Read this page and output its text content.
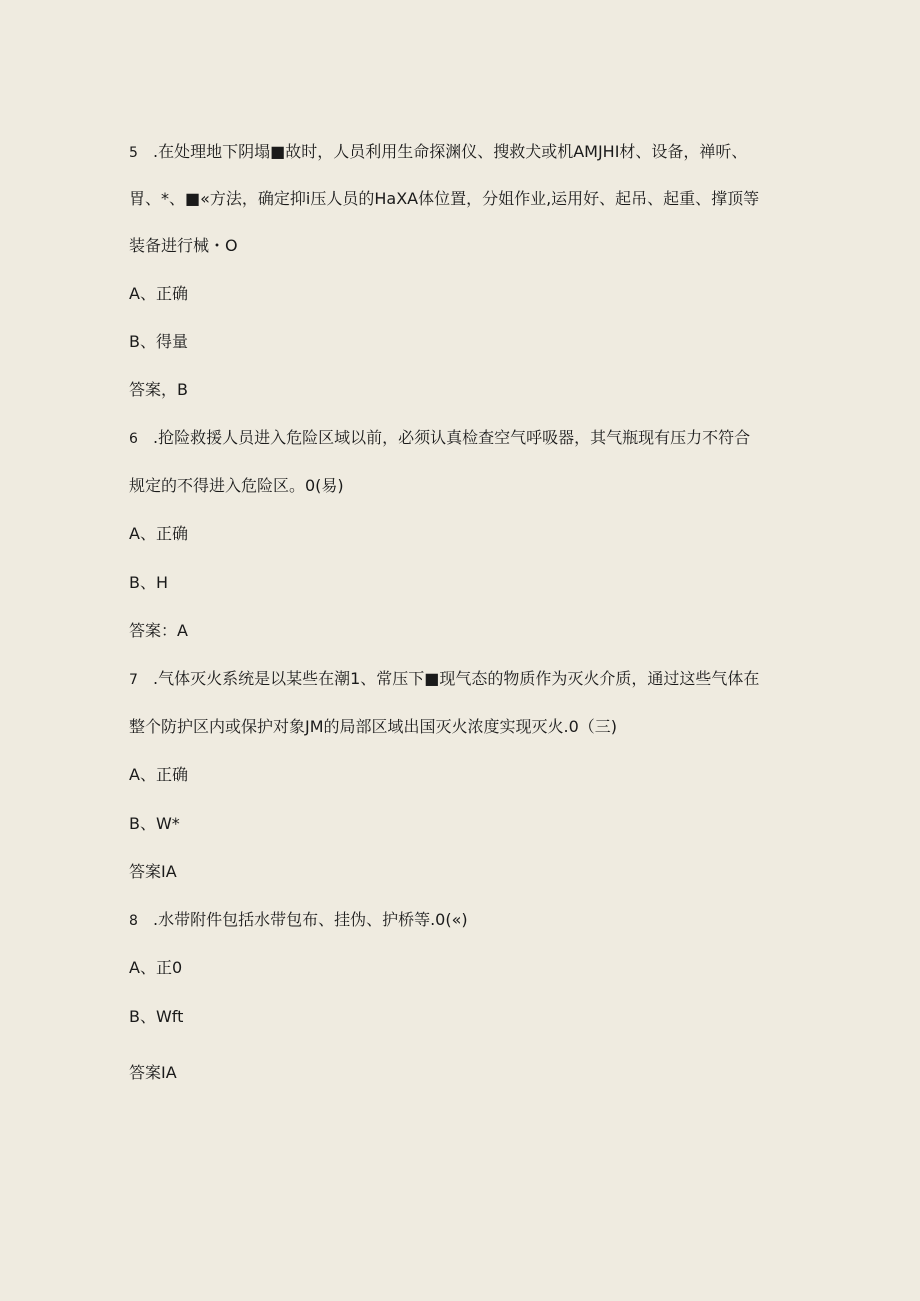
5 .在处理地下阴塌■故时，人员利用生命探渊仪、搜救犬或机AMJHI材、设备，禅听、
胃、*、■«方法，确定抑i压人员的HaXA体位置，分姐作业,运用好、起吊、起重、撑顶等
装备进行械・O
A、正确
B、得量
答案，B
6 .抢险救援人员进入危险区域以前，必须认真检查空气呼吸器，其气瓶现有压力不符合
规定的不得进入危险区。0(易)
A、正确
B、H
答案：A
7 .气体灭火系统是以某些在潮1、常压下■现气态的物质作为灭火介质，通过这些气体在
整个防护区内或保护对象JM的局部区域出国灭火浓度实现灭火.0（三)
A、正确
B、W*
答案IA
8 .水带附件包括水带包布、挂伪、护桥等.0(«)
A、正0
B、Wft
答案IA
